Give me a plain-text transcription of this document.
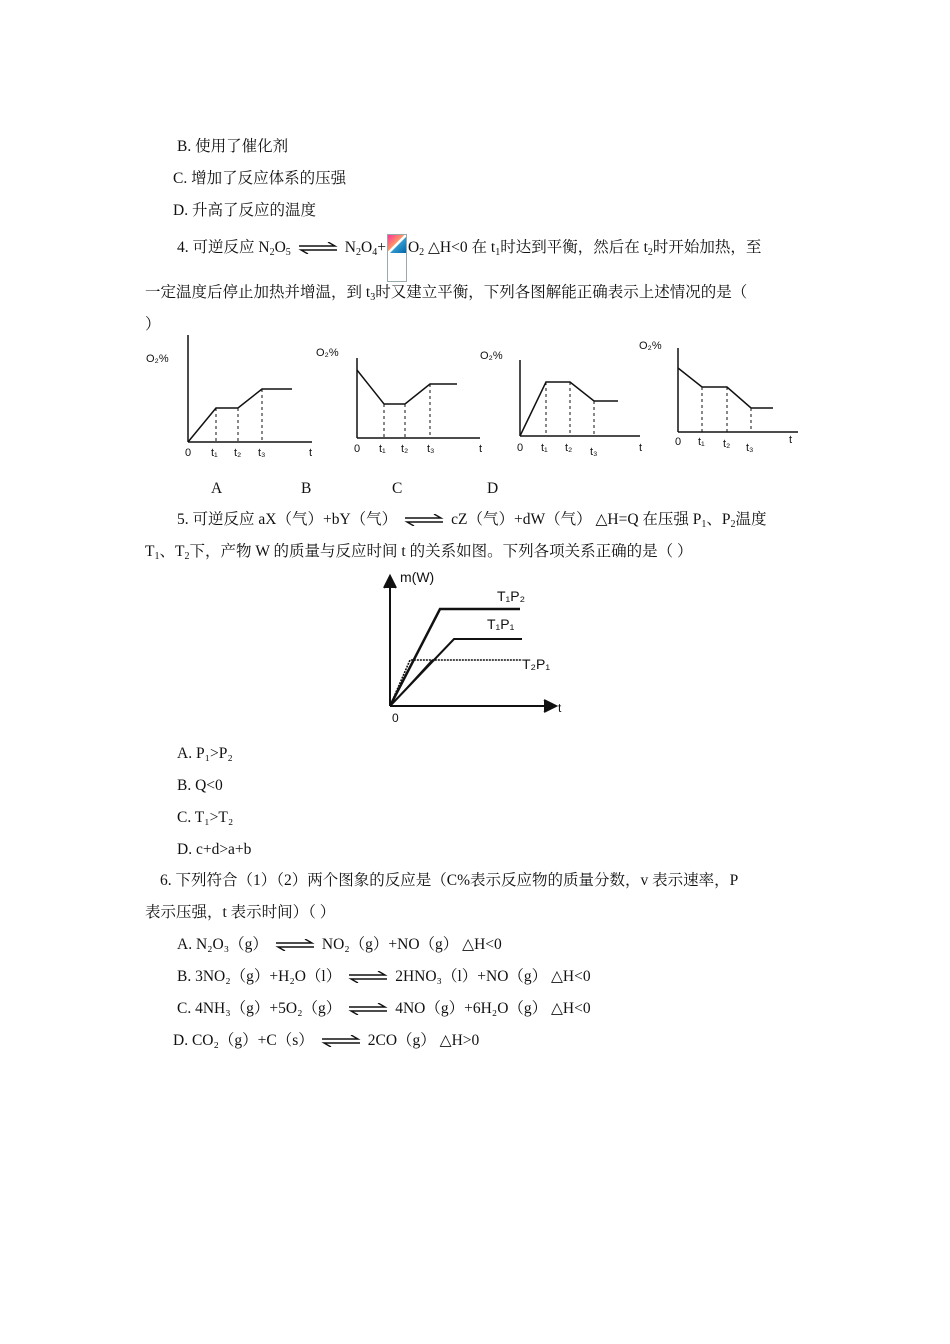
B. 使用了催化剂
C. 增加了反应体系的压强
D. 升高了反应的温度
4. 可逆反应 $N_2O_5$ ⇌ $N_2O_4+ O_2$ △H<0 在 $t_1$时达到平衡，然后在 $t_2$时开始加热，至
一定温度后停止加热并增温，到 $t_3$时又建立平衡，下列各图解能正确表示上述情况的是（
）
O₂%	O₂%	O₂%
O₂%
0 t₁ t₂ t₃	t	0 t₁ t₂ t₃	t	0 t₁ t₂ t₃	t	0 t₁ t₂ t₃
t
A	B	C	D
5. 可逆反应 aX（气）+bY（气） ⇌ cZ（气）+dW（气） △H=Q 在压强 $P_1$、$P_2$温度
$T_1$、$T_2$下，产物 W 的质量与反应时间 t 的关系如图。下列各项关系正确的是（ ）
m(W)
0
t
T₁P₂
T₁P₁
T₂P₁
A. P₁>P₂
B. Q<0
C. T₁>T₂
D. c+d>a+b
6. 下列符合（1）（2）两个图象的反应是（C%表示反应物的质量分数，v 表示速率，P
表示压强，t 表示时间）（ ）
A. N₂O₃（g） ⇌ NO₂（g）+NO（g） △H<0
B. 3NO₂（g）+H₂O（l） ⇌ 2HNO₃（l）+NO（g） △H<0
C. 4NH₃（g）+5O₂（g） ⇌ 4NO（g）+6H₂O（g） △H<0
D. CO₂（g）+C（s） ⇌ 2CO（g） △H>0
